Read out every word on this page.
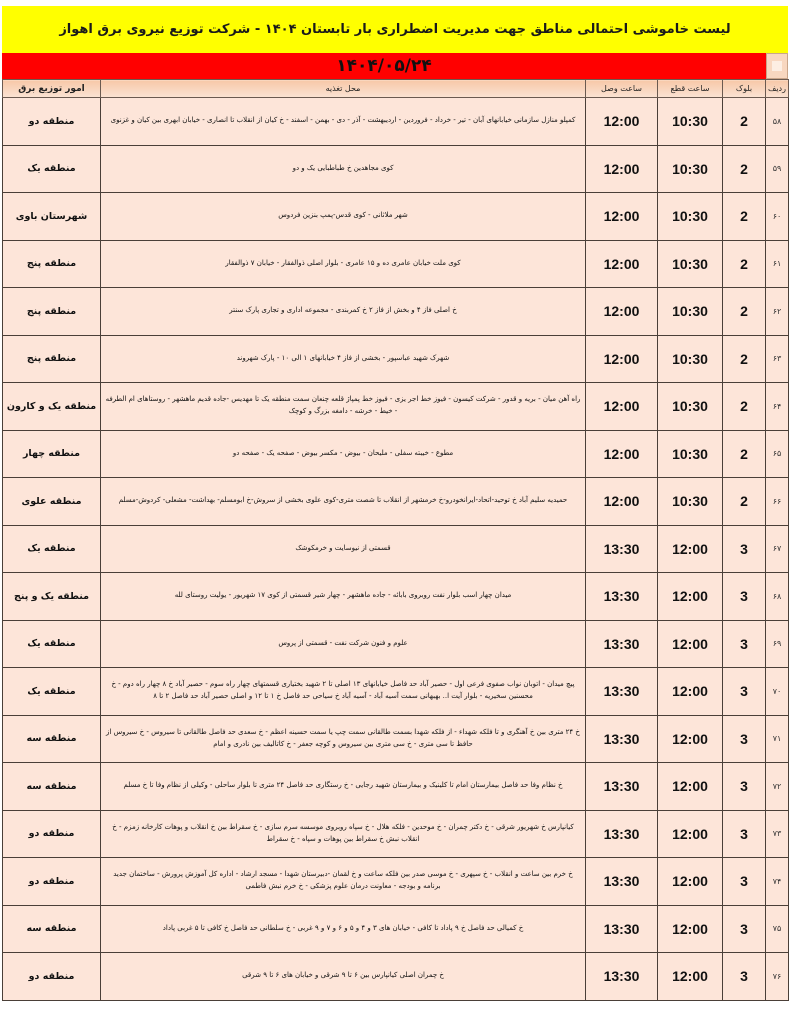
لیست خاموشی احتمالی مناطق جهت مدیریت اضطراری بار تابستان ۱۴۰۴ - شرکت توزیع نیروی برق اهواز
۱۴۰۴/۰۵/۲۴
ردیف	بلوک	ساعت قطع	ساعت وصل	محل تغذیه	امور توزیع برق
۵۸	2	10:30	12:00	کمپلو منازل سازمانی خیابانهای آبان - تیر - خرداد - فروردین - اردیبهشت - آذر - دی - بهمن - اسفند - خ کیان از انقلاب تا انصاری - خیابان ابهری بین کیان و غزنوی	منطقه دو
۵۹	2	10:30	12:00	کوی مجاهدین خ طباطبایی یک و دو	منطقه یک
۶۰	2	10:30	12:00	شهر ملاثانی - کوی قدس-پمپ بنزین فردوس	شهرستان باوی
۶۱	2	10:30	12:00	کوی ملت خیابان عامری ده و ۱۵ عامری - بلوار اصلی ذوالفقار - خیابان ۷ ذوالفقار	منطقه پنج
۶۲	2	10:30	12:00	خ اصلی فاز ۴ و بخش از فاز ۲ خ کمربندی - مجموعه اداری و تجاری پارک سنتر	منطقه پنج
۶۳	2	10:30	12:00	شهرک شهید عباسپور - بخشی از فاز ۴ خیابانهای ۱ الی ۱۰ - پارک شهروند	منطقه پنج
۶۴	2	10:30	12:00	راه آهن میان - بریه و قدور - شرکت کیسون - فیوز خط اجر یزی - فیوز خط پمپاژ قلعه چنعان سمت منطقه یک تا مهدیس -جاده قدیم ماهشهر - روستاهای ام الطرفه - خیط - خرشه - دامغه بزرگ و کوچک	منطقه یک و کارون
۶۵	2	10:30	12:00	مطوع - خیبته سفلی - ملیحان - بیوض - مکسر بیوض - صفحه یک - صفحه دو	منطقه چهار
۶۶	2	10:30	12:00	حمیدیه سلیم آباد خ توحید-اتحاد-ایرانخودرو-خ خرمشهر از انقلاب تا شصت متری-کوی علوی بخشی از سروش-خ ابومسلم- بهداشت- مشعلی- کردوش-مسلم	منطقه علوی
۶۷	3	12:00	13:30	قسمتی از نیوسایت و خرمکوشک	منطقه یک
۶۸	3	12:00	13:30	میدان چهار اسب بلوار نفت روبروی بابائه - جاده ماهشهر - چهار شیر قسمتی از کوی ۱۷ شهریور - یولیت روستای لله	منطقه یک و پنج
۶۹	3	12:00	13:30	علوم و فنون شرکت نفت - قسمتی از پروس	منطقه یک
۷۰	3	12:00	13:30	پیچ میدان - اتوبان نواب صفوی فرعی اول - حصیر آباد حد فاصل خیابانهای ۱۳ اصلی تا ۲ شهید بختیاری قسمتهای چهار راه سوم - حصیر آباد خ ۸ چهار راه دوم - خ محسنین سخیریه - بلوار آیت ا.. بهبهانی سمت آسیه آباد - آسیه آباد خ سیاحی حد فاصل خ ۱ تا ۱۲ و اصلی حصیر آباد حد فاصل ۲ تا ۸	منطقه یک
۷۱	3	12:00	13:30	خ ۲۴ متری بین خ آهنگری و تا فلکه شهداء - از فلکه شهدا بسمت طالقانی سمت چپ یا سمت حسینه اعظم - خ سعدی حد فاصل طالقانی تا سیروس - خ سیروس از حافظ تا سی متری - خ سی متری بین سیروس و کوچه جعفر - خ کاتالیف بین نادری و امام	منطقه سه
۷۲	3	12:00	13:30	خ نظام وفا حد فاصل بیمارستان امام تا کلینیک و بیمارستان شهید رجایی - خ رستگاری حد فاصل ۲۴ متری تا بلوار ساحلی - وکیلی از نظام وفا تا خ مسلم	منطقه سه
۷۳	3	12:00	13:30	کیانپارس خ شهریور شرقی - خ دکتر چمران - خ موحدین - فلکه هلال - خ سپاه روبروی موسسه سرم سازی - خ سقراط بین خ انقلاب و پوهات کارخانه زمزم - خ انقلاب نبش خ سقراط بین پوهات و سپاه - خ سقراط	منطقه دو
۷۴	3	12:00	13:30	خ خرم بین ساعت و انقلاب - خ سپهری - خ موسی صدر بین فلکه ساعت و خ لقمان -دبیرستان شهدا - مسجد ارشاد - اداره کل آموزش پرورش - ساختمان جدید برنامه و بودجه - معاونت درمان علوم پزشکی - خ خرم نبش فاطمی	منطقه دو
۷۵	3	12:00	13:30	خ کمیالی حد فاصل خ ۹ پاداد تا کافی - خیابان های ۳ و ۴ و ۵ و ۶ و ۷ و ۹ غربی - خ سلطانی حد فاصل خ کافی تا ۵ غربی پاداد	منطقه سه
۷۶	3	12:00	13:30	خ چمران اصلی کیانپارس بین ۶ تا ۹ شرقی و خیابان های ۶ تا ۹ شرقی	منطقه دو
